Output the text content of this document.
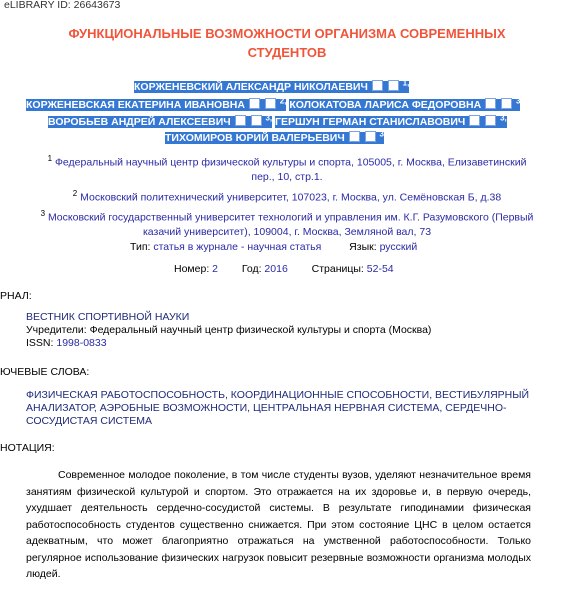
eLIBRARY ID: 26643673
ФУНКЦИОНАЛЬНЫЕ ВОЗМОЖНОСТИ ОРГАНИЗМА СОВРЕМЕННЫХ
СТУДЕНТОВ
КОРЖЕНЕВСКИЙ АЛЕКСАНДР НИКОЛАЕВИЧ	$^{1,}$
КОРЖЕНЕВСКАЯ ЕКАТЕРИНА ИВАНОВНА	$^{2,}$ КОЛОКАТОВА ЛАРИСА ФЕДОРОВНА	$^3$
ВОРОБЬЕВ АНДРЕЙ АЛЕКСЕЕВИЧ	$^{3,}$ ГЕРШУН ГЕРМАН СТАНИСЛАВОВИЧ	$^{3,}$
ТИХОМИРОВ ЮРИЙ ВАЛЕРЬЕВИЧ	$^3$
$^1$ Федеральный научный центр физической культуры и спорта, 105005, г. Москва, Елизаветинский
пер., 10, стр.1.
$^2$ Московский политехнический университет, 107023, г. Москва, ул. Семёновская Б, д.38
$^3$ Московский государственный университет технологий и управления им. К.Г. Разумовского (Первый
казачий университет), 109004, г. Москва, Земляной вал, 73
Тип: статья в журнале - научная статья	Язык: русский
Номер: 2 Год: 2016 Страницы: 52-54
РНАЛ:
ВЕСТНИК СПОРТИВНОЙ НАУКИ
Учредители: Федеральный научный центр физической культуры и спорта (Москва)
ISSN: 1998-0833
ЮЧЕВЫЕ СЛОВА:
ФИЗИЧЕСКАЯ РАБОТОСПОСОБНОСТЬ, КООРДИНАЦИОННЫЕ СПОСОБНОСТИ, ВЕСТИБУЛЯРНЫЙ
АНАЛИЗАТОР, АЭРОБНЫЕ ВОЗМОЖНОСТИ, ЦЕНТРАЛЬНАЯ НЕРВНАЯ СИСТЕМА, СЕРДЕЧНО-
СОСУДИСТАЯ СИСТЕМА
НОТАЦИЯ:
Современное молодое поколение, в том числе студенты вузов, уделяют незначительное время занятиям физической культурой и спортом. Это отражается на их здоровье и, в первую очередь, ухудшает деятельность сердечно-сосудистой системы. В результате гиподинамии физическая работоспособность студентов существенно снижается. При этом состояние ЦНС в целом остается адекватным, что может благоприятно отражаться на умственной работоспособности. Только регулярное использование физических нагрузок повысит резервные возможности организма молодых людей.
